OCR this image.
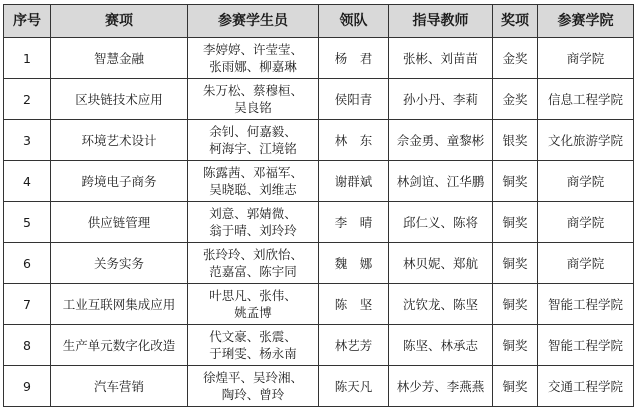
序号	赛项	参赛学生员	领队	指导教师	奖项	参赛学院
1	智慧金融	李婷婷、许莹莹、
张雨娜、柳嘉琳	杨　君	张彬、刘苗苗	金奖	商学院
2	区块链技术应用	朱万松、蔡穆桓、
吴良铭	侯阳青	孙小丹、李莉	金奖	信息工程学院
3	环境艺术设计	余钊、何嘉毅、
柯海宇、江境铭	林　东	佘金勇、童黎彬	银奖	文化旅游学院
4	跨境电子商务	陈露茜、邓福军、
吴晓聪、刘维志	谢群斌	林剑谊、江华鹏	铜奖	商学院
5	供应链管理	刘意、郭婧微、
翁于晴、刘玲玲	李　晴	邱仁义、陈将	铜奖	商学院
6	关务实务	张玲玲、刘欣怡、
范嘉富、陈宇同	魏　娜	林贝妮、郑航	铜奖	商学院
7	工业互联网集成应用	叶思凡、张伟、
姚孟博	陈　坚	沈钦龙、陈坚	铜奖	智能工程学院
8	生产单元数字化改造	代文豪、张震、
于琍雯、杨永南	林艺芳	陈坚、林承志	铜奖	智能工程学院
9	汽车营销	徐煌平、吴玲湘、
陶玲、曾玲	陈天凡	林少芳、李燕燕	铜奖	交通工程学院
